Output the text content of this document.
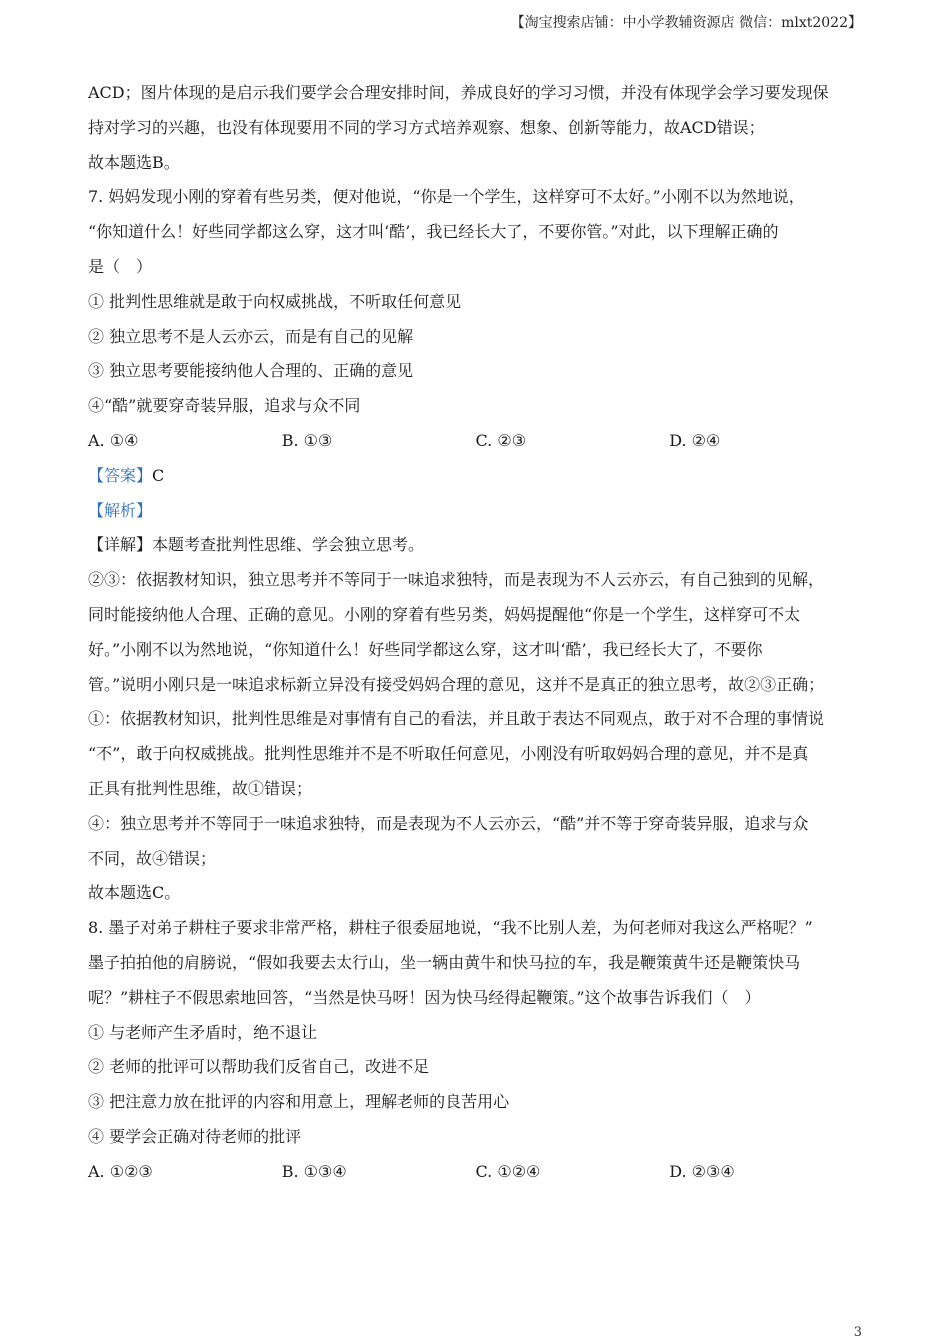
【淘宝搜索店铺：中小学教辅资源店 微信：mlxt2022】
ACD；图片体现的是启示我们要学会合理安排时间，养成良好的学习习惯，并没有体现学会学习要发现保
持对学习的兴趣，也没有体现要用不同的学习方式培养观察、想象、创新等能力，故ACD错误；
故本题选B。
7. 妈妈发现小刚的穿着有些另类，便对他说，“你是一个学生，这样穿可不太好。”小刚不以为然地说，
“你知道什么！好些同学都这么穿，这才叫‘酷’，我已经长大了，不要你管。”对此，以下理解正确的
是（　）
① 批判性思维就是敢于向权威挑战，不听取任何意见
② 独立思考不是人云亦云，而是有自己的见解
③ 独立思考要能接纳他人合理的、正确的意见
④“酷”就要穿奇装异服，追求与众不同
A. ①④	B. ①③	C. ②③	D. ②④
【答案】C
【解析】
【详解】本题考查批判性思维、学会独立思考。
②③：依据教材知识，独立思考并不等同于一味追求独特，而是表现为不人云亦云，有自己独到的见解，
同时能接纳他人合理、正确的意见。小刚的穿着有些另类，妈妈提醒他“你是一个学生，这样穿可不太
好。”小刚不以为然地说，“你知道什么！好些同学都这么穿，这才叫‘酷’，我已经长大了，不要你
管。”说明小刚只是一味追求标新立异没有接受妈妈合理的意见，这并不是真正的独立思考，故②③正确；
①：依据教材知识，批判性思维是对事情有自己的看法，并且敢于表达不同观点，敢于对不合理的事情说
“不”，敢于向权威挑战。批判性思维并不是不听取任何意见，小刚没有听取妈妈合理的意见，并不是真
正具有批判性思维，故①错误；
④：独立思考并不等同于一味追求独特，而是表现为不人云亦云，“酷”并不等于穿奇装异服，追求与众
不同，故④错误；
故本题选C。
8. 墨子对弟子耕柱子要求非常严格，耕柱子很委屈地说，“我不比别人差，为何老师对我这么严格呢？”
墨子拍拍他的肩膀说，“假如我要去太行山，坐一辆由黄牛和快马拉的车，我是鞭策黄牛还是鞭策快马
呢？”耕柱子不假思索地回答，“当然是快马呀！因为快马经得起鞭策。”这个故事告诉我们（　）
① 与老师产生矛盾时，绝不退让
② 老师的批评可以帮助我们反省自己，改进不足
③ 把注意力放在批评的内容和用意上，理解老师的良苦用心
④ 要学会正确对待老师的批评
A. ①②③	B. ①③④	C. ①②④	D. ②③④
3
